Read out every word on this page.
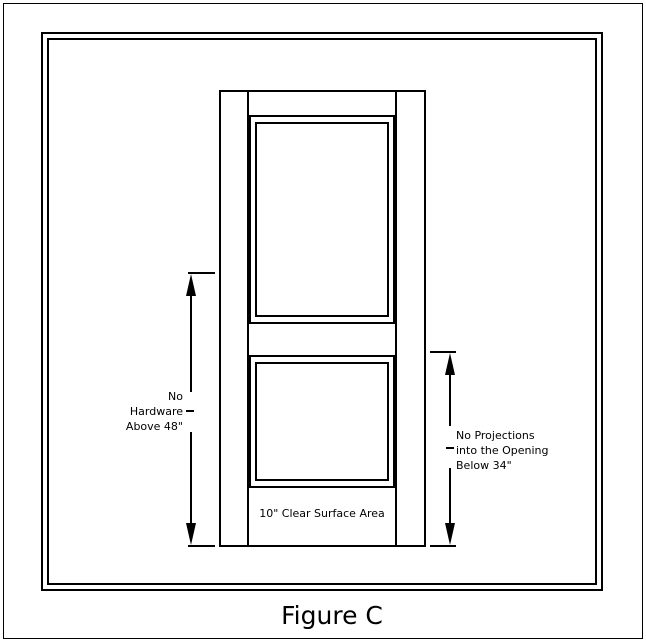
No
Hardware
Above 48"
No Projections
into the Opening
Below 34"
10" Clear Surface Area
Figure C
